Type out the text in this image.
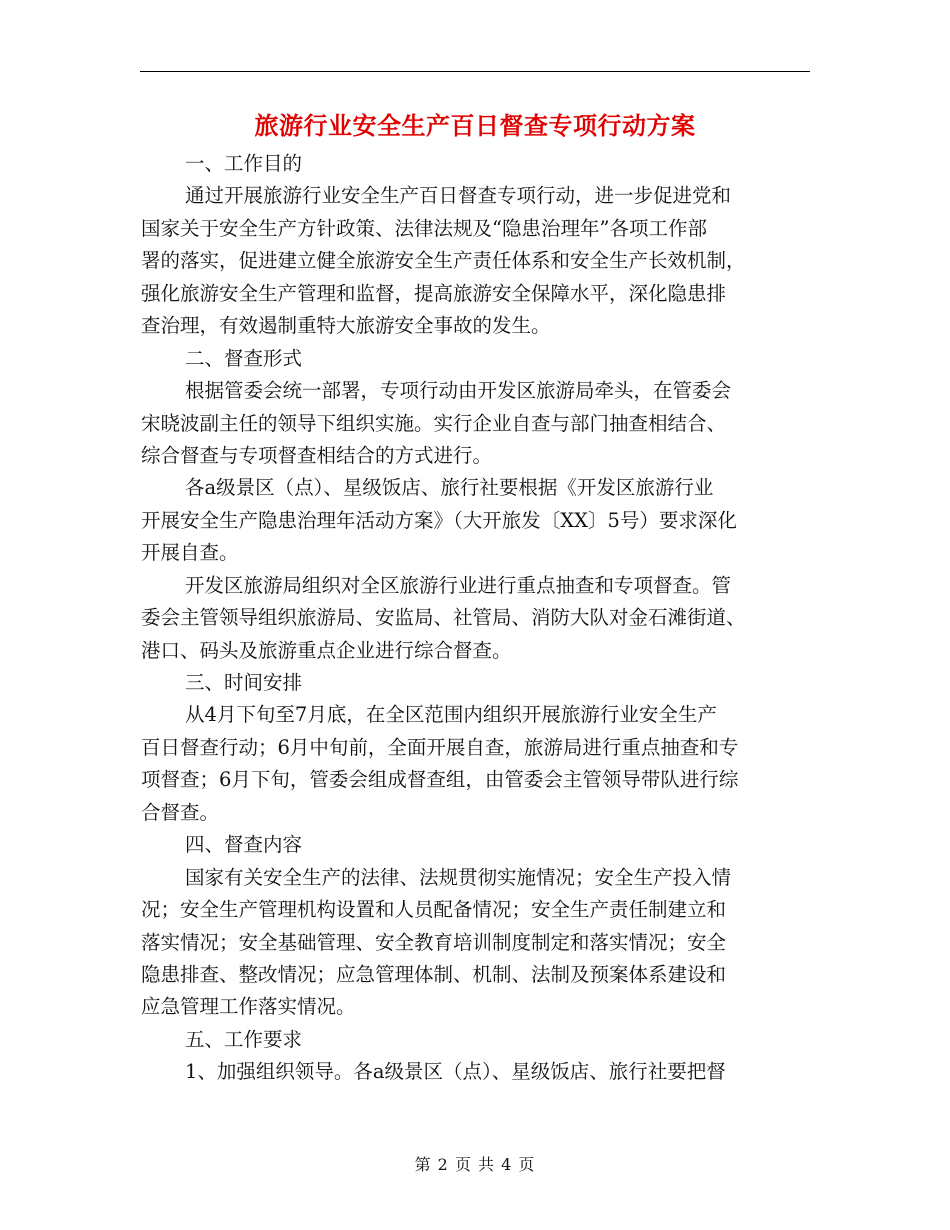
旅游行业安全生产百日督查专项行动方案
一、工作目的
通过开展旅游行业安全生产百日督查专项行动，进一步促进党和
国家关于安全生产方针政策、法律法规及“隐患治理年”各项工作部
署的落实，促进建立健全旅游安全生产责任体系和安全生产长效机制，
强化旅游安全生产管理和监督，提高旅游安全保障水平，深化隐患排
查治理，有效遏制重特大旅游安全事故的发生。
二、督查形式
根据管委会统一部署，专项行动由开发区旅游局牵头，在管委会
宋晓波副主任的领导下组织实施。实行企业自查与部门抽查相结合、
综合督查与专项督查相结合的方式进行。
各a级景区（点）、星级饭店、旅行社要根据《开发区旅游行业
开展安全生产隐患治理年活动方案》（大开旅发〔XX〕5号）要求深化
开展自查。
开发区旅游局组织对全区旅游行业进行重点抽查和专项督查。管
委会主管领导组织旅游局、安监局、社管局、消防大队对金石滩街道、
港口、码头及旅游重点企业进行综合督查。
三、时间安排
从4月下旬至7月底，在全区范围内组织开展旅游行业安全生产
百日督查行动；6月中旬前，全面开展自查，旅游局进行重点抽查和专
项督查；6月下旬，管委会组成督查组，由管委会主管领导带队进行综
合督查。
四、督查内容
国家有关安全生产的法律、法规贯彻实施情况；安全生产投入情
况；安全生产管理机构设置和人员配备情况；安全生产责任制建立和
落实情况；安全基础管理、安全教育培训制度制定和落实情况；安全
隐患排查、整改情况；应急管理体制、机制、法制及预案体系建设和
应急管理工作落实情况。
五、工作要求
1、加强组织领导。各a级景区（点）、星级饭店、旅行社要把督
第 2 页 共 4 页
